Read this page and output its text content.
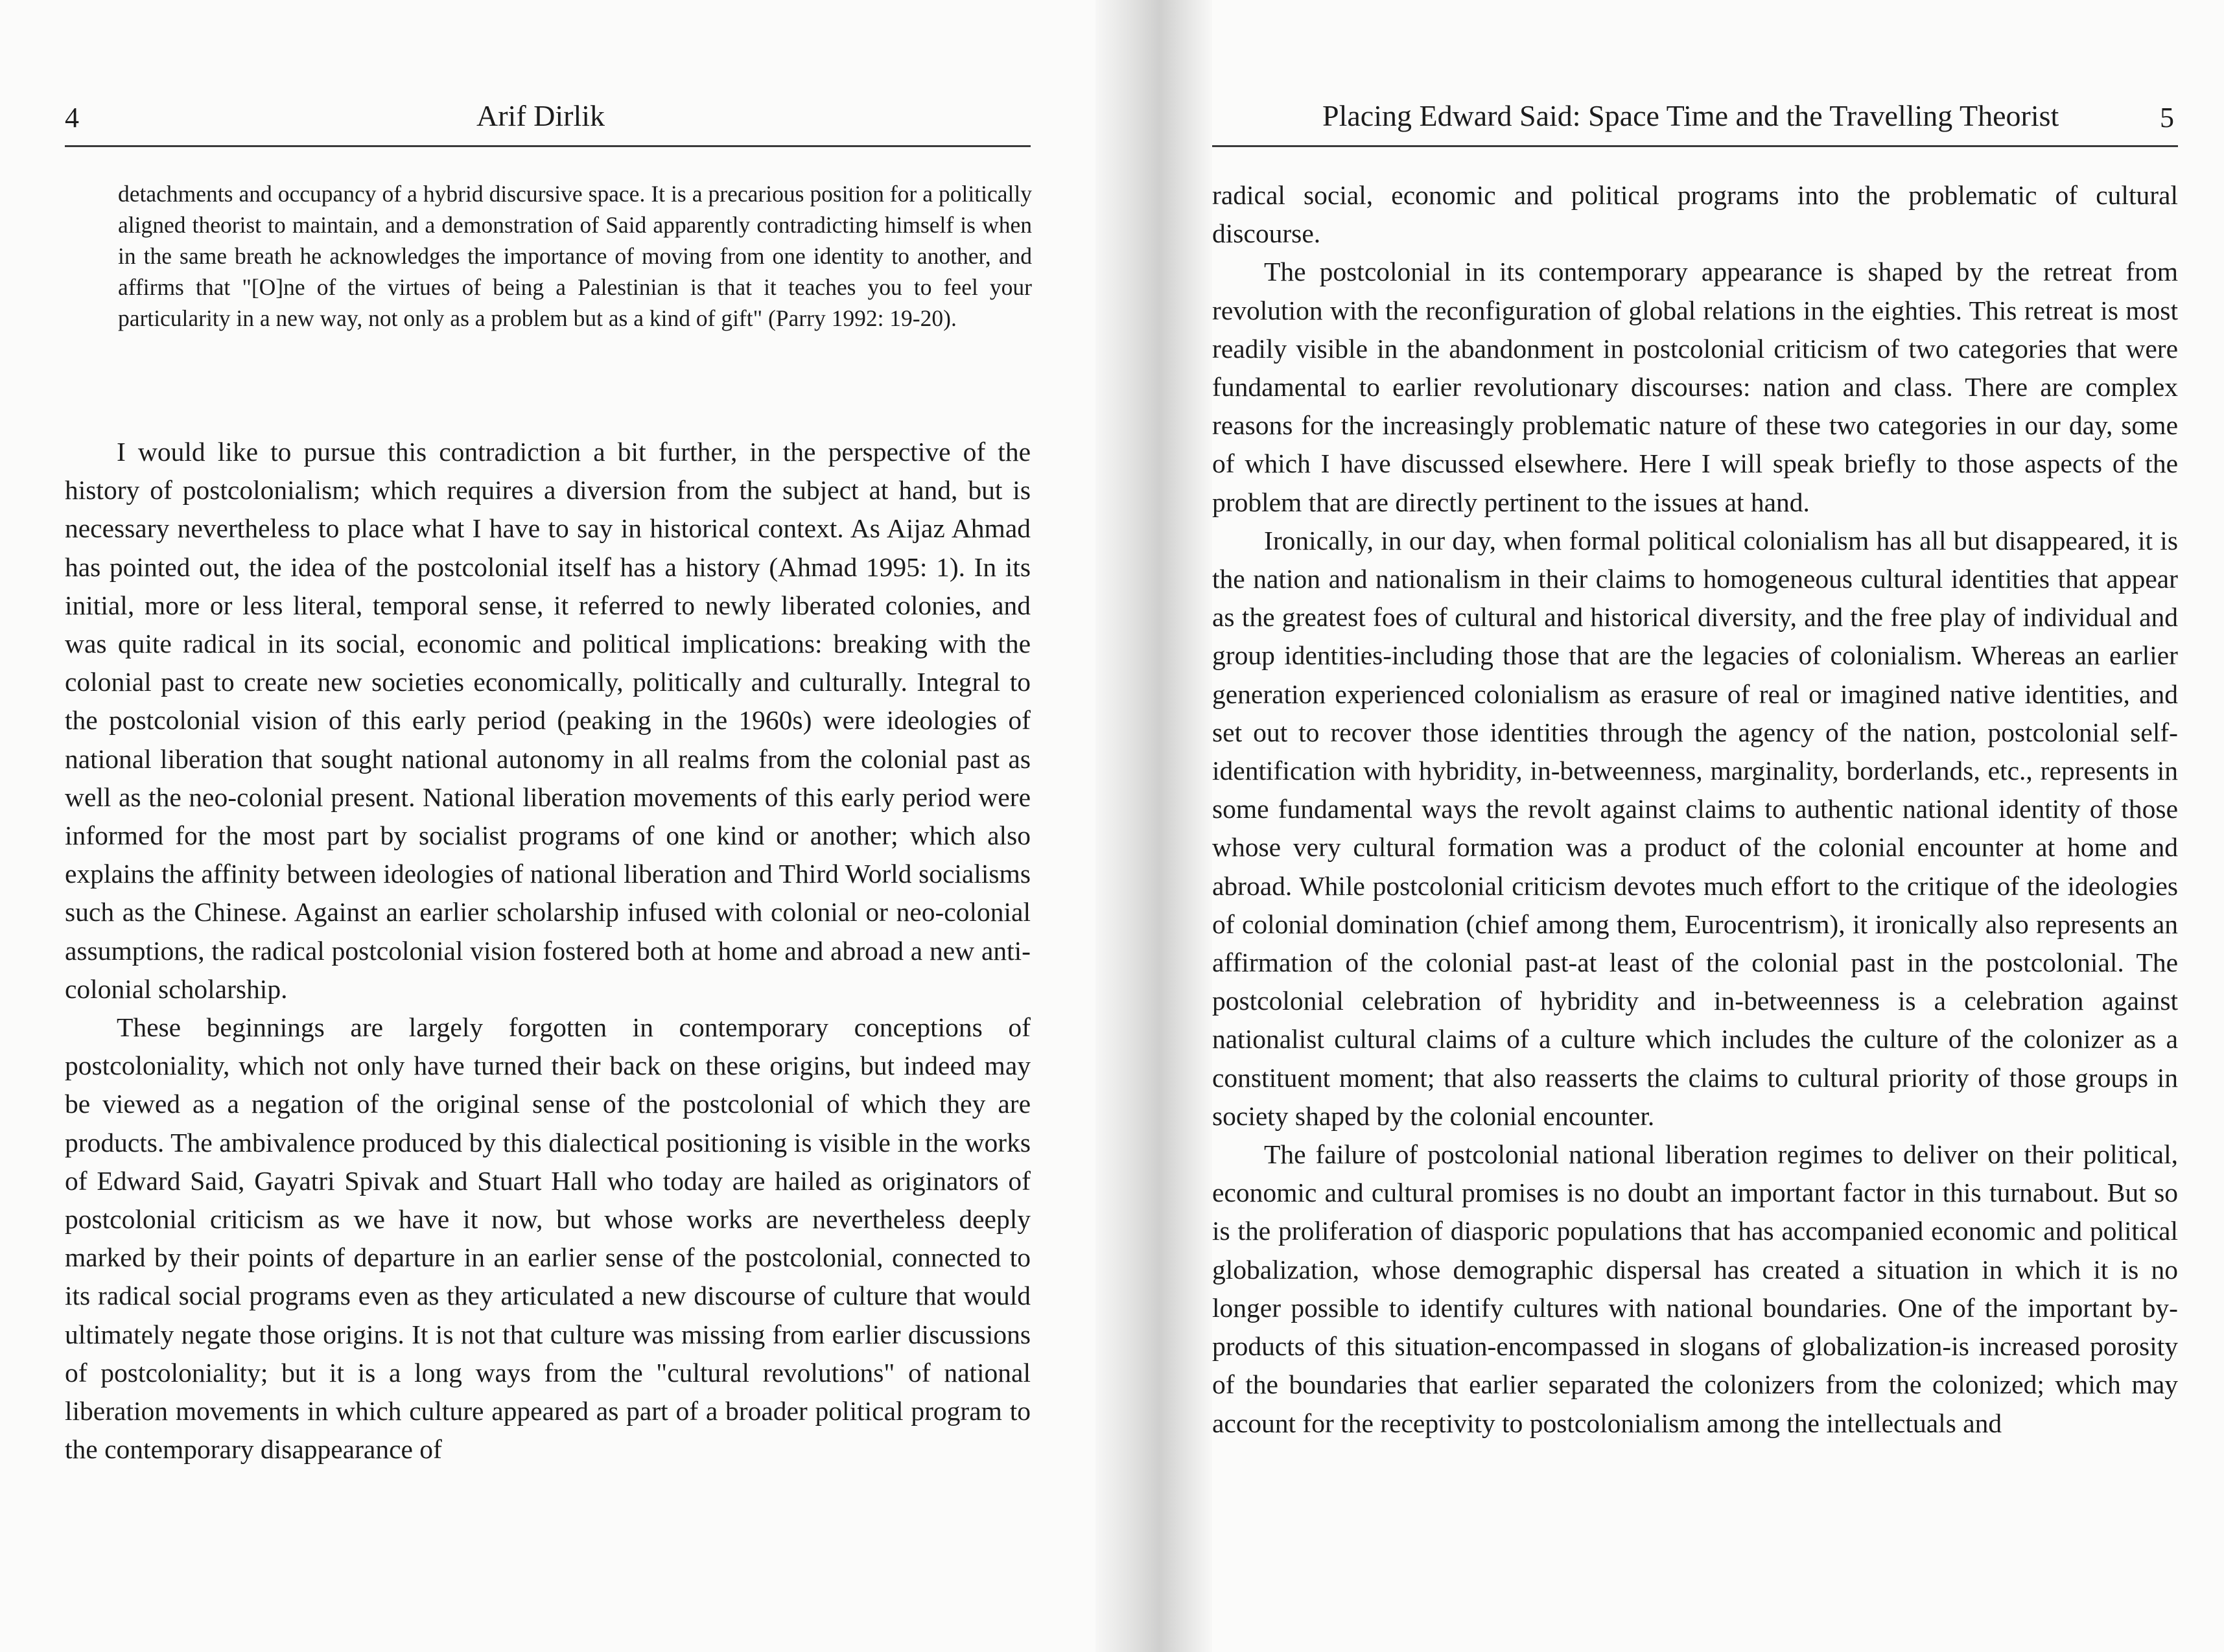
4	Arif Dirlik

detachments and occupancy of a hybrid discursive space. It is a precarious position for a politically aligned theorist to maintain, and a demonstration of Said apparently contradicting himself is when in the same breath he acknowledges the importance of moving from one identity to another, and affirms that "[O]ne of the virtues of being a Palestinian is that it teaches you to feel your particularity in a new way, not only as a problem but as a kind of gift" (Parry 1992: 19-20).

I would like to pursue this contradiction a bit further, in the perspective of the history of postcolonialism; which requires a diversion from the subject at hand, but is necessary nevertheless to place what I have to say in historical context. As Aijaz Ahmad has pointed out, the idea of the postcolonial itself has a history (Ahmad 1995: 1). In its initial, more or less literal, temporal sense, it referred to newly liberated colonies, and was quite radical in its social, economic and political implications: breaking with the colonial past to create new societies economically, politically and culturally. Integral to the postcolonial vision of this early period (peaking in the 1960s) were ideologies of national liberation that sought national autonomy in all realms from the colonial past as well as the neo-colonial present. National liberation movements of this early period were informed for the most part by socialist programs of one kind or another; which also explains the affinity between ideologies of national liberation and Third World socialisms such as the Chinese. Against an earlier scholarship infused with colonial or neo-colonial assumptions, the radical postcolonial vision fostered both at home and abroad a new anti-colonial scholarship.

These beginnings are largely forgotten in contemporary conceptions of postcoloniality, which not only have turned their back on these origins, but indeed may be viewed as a negation of the original sense of the postcolonial of which they are products. The ambivalence produced by this dialectical positioning is visible in the works of Edward Said, Gayatri Spivak and Stuart Hall who today are hailed as originators of postcolonial criticism as we have it now, but whose works are nevertheless deeply marked by their points of departure in an earlier sense of the postcolonial, connected to its radical social programs even as they articulated a new discourse of culture that would ultimately negate those origins. It is not that culture was missing from earlier discussions of postcoloniality; but it is a long ways from the "cultural revolutions" of national liberation movements in which culture appeared as part of a broader political program to the contemporary disappearance of

Placing Edward Said: Space Time and the Travelling Theorist	5

radical social, economic and political programs into the problematic of cultural discourse.

The postcolonial in its contemporary appearance is shaped by the retreat from revolution with the reconfiguration of global relations in the eighties. This retreat is most readily visible in the abandonment in postcolonial criticism of two categories that were fundamental to earlier revolutionary discourses: nation and class. There are complex reasons for the increasingly problematic nature of these two categories in our day, some of which I have discussed elsewhere. Here I will speak briefly to those aspects of the problem that are directly pertinent to the issues at hand.

Ironically, in our day, when formal political colonialism has all but disappeared, it is the nation and nationalism in their claims to homogeneous cultural identities that appear as the greatest foes of cultural and historical diversity, and the free play of individual and group identities-including those that are the legacies of colonialism. Whereas an earlier generation experienced colonialism as erasure of real or imagined native identities, and set out to recover those identities through the agency of the nation, postcolonial self-identification with hybridity, in-betweenness, marginality, borderlands, etc., represents in some fundamental ways the revolt against claims to authentic national identity of those whose very cultural formation was a product of the colonial encounter at home and abroad. While postcolonial criticism devotes much effort to the critique of the ideologies of colonial domination (chief among them, Eurocentrism), it ironically also represents an affirmation of the colonial past-at least of the colonial past in the postcolonial. The postcolonial celebration of hybridity and in-betweenness is a celebration against nationalist cultural claims of a culture which includes the culture of the colonizer as a constituent moment; that also reasserts the claims to cultural priority of those groups in society shaped by the colonial encounter.

The failure of postcolonial national liberation regimes to deliver on their political, economic and cultural promises is no doubt an important factor in this turnabout. But so is the proliferation of diasporic populations that has accompanied economic and political globalization, whose demographic dispersal has created a situation in which it is no longer possible to identify cultures with national boundaries. One of the important by-products of this situation-encompassed in slogans of globalization-is increased porosity of the boundaries that earlier separated the colonizers from the colonized; which may account for the receptivity to postcolonialism among the intellectuals and
